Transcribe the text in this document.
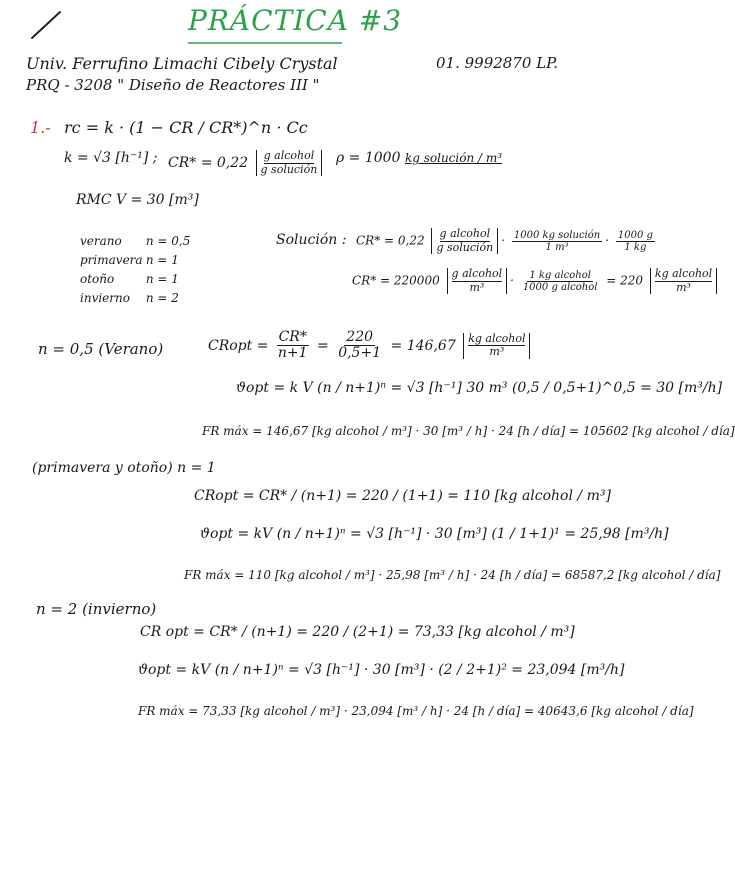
PRÁCTICA #3
Univ. Ferrufino Limachi Cibely Crystal	01. 9992870 LP.
PRQ - 3208 " Diseño de Reactores III "
1.- rc = k · (1 − CR / CR*)^n · Cc
k = √3 [h⁻¹] ; $CR* = 0,22 \frac{\text{g alcohol}}{\text{g solución}}$ ρ = 1000 kg solución / m³
RMC V = 30 [m³]
verano n = 0,5
primavera n = 1
otoño	n = 1
invierno n = 2
Solución : $CR* = 0,22 \frac{\text{g alcohol}}{\text{g solución}} \cdot \frac{\text{1000 kg solución}}{\text{1 m³}} \cdot \frac{1000 g}{1 kg}$
$CR* = 220000 \frac{\text{g alcohol}}{\text{m³}} \cdot \frac{\text{1 kg alcohol}}{\text{1000 g alcohol}} = 220 \frac{\text{kg alcohol}}{\text{m³}}$
n = 0,5 (Verano)	CRopt = $\frac{CR*}{n+1} = \frac{220}{0,5+1} = 146,67 \frac{\text{kg alcohol}}{\text{m³}}$
ϑopt = k V (n / n+1)ⁿ = √3 [h⁻¹] 30 m³ (0,5 / 0,5+1)^0,5 = 30 [m³/h]
FR máx = 146,67 [kg alcohol / m³] · 30 [m³ / h] · 24 [h / día] = 105602 [kg alcohol / día]
(primavera y otoño) n = 1
CRopt = CR* / (n+1) = 220 / (1+1) = 110 [kg alcohol / m³]
ϑopt = kV (n / n+1)ⁿ = √3 [h⁻¹] · 30 [m³] (1 / 1+1)¹ = 25,98 [m³/h]
FR máx = 110 [kg alcohol / m³] · 25,98 [m³ / h] · 24 [h / día] = 68587,2 [kg alcohol / día]
n = 2 (invierno)
CR opt = CR* / (n+1) = 220 / (2+1) = 73,33 [kg alcohol / m³]
ϑopt = kV (n / n+1)ⁿ = √3 [h⁻¹] · 30 [m³] · (2 / 2+1)² = 23,094 [m³/h]
FR máx = 73,33 [kg alcohol / m³] · 23,094 [m³ / h] · 24 [h / día] = 40643,6 [kg alcohol / día]
